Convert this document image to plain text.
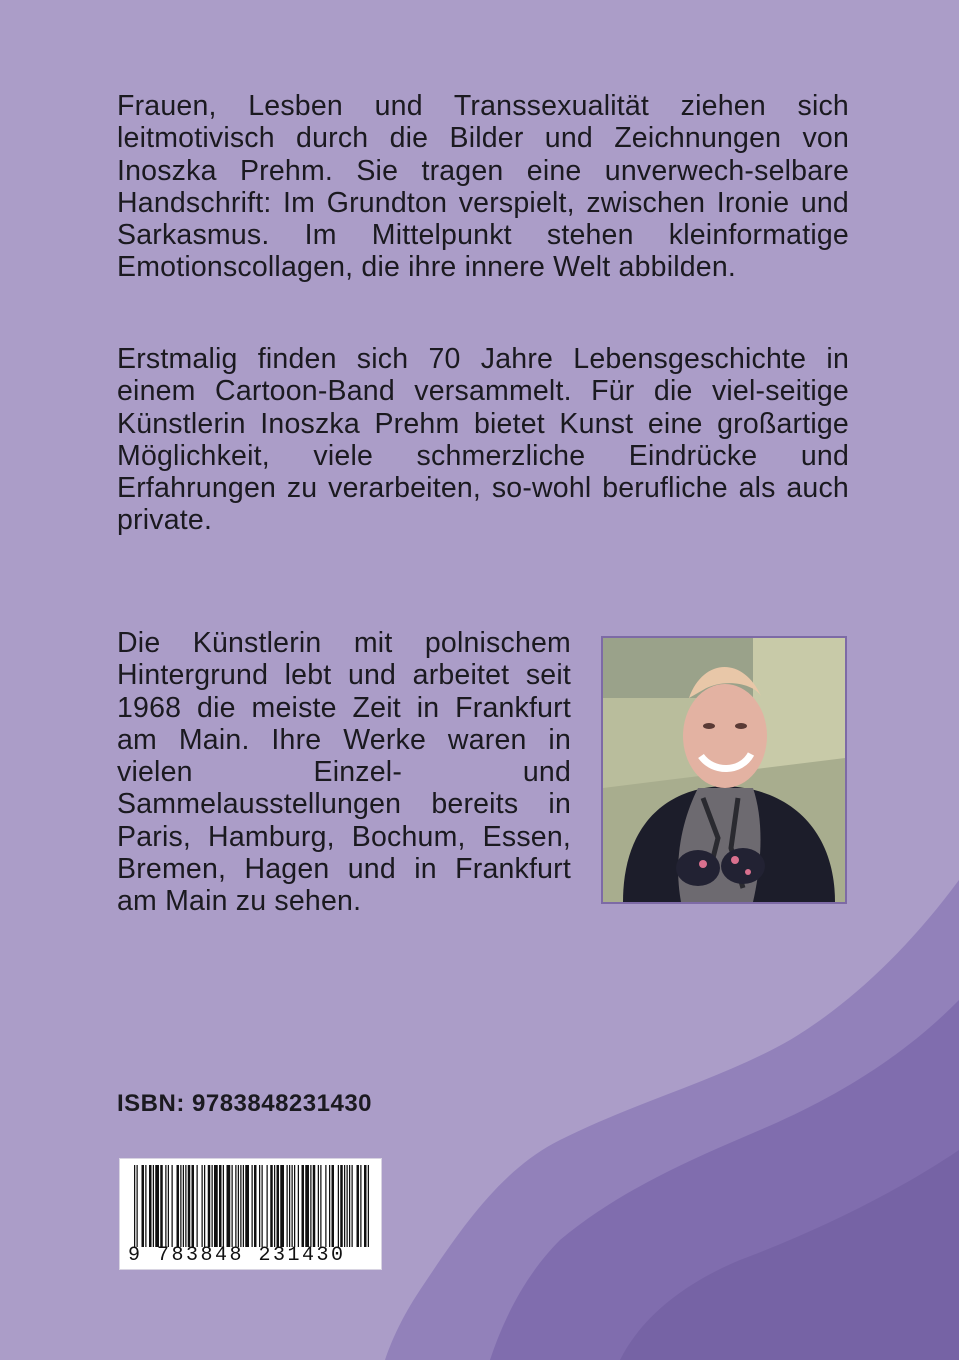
Frauen, Lesben und Transsexualität ziehen sich leitmotivisch durch die Bilder und Zeichnungen von Inoszka Prehm. Sie tragen eine unverwech-selbare Handschrift: Im Grundton verspielt, zwischen Ironie und Sarkasmus. Im Mittelpunkt stehen kleinformatige Emotionscollagen, die ihre innere Welt abbilden.
Erstmalig finden sich 70 Jahre Lebensgeschichte in einem Cartoon-Band versammelt. Für die viel-seitige Künstlerin Inoszka Prehm bietet Kunst eine großartige Möglichkeit, viele schmerzliche Eindrücke und Erfahrungen zu verarbeiten, so-wohl berufliche als auch private.
Die Künstlerin mit polnischem Hintergrund lebt und arbeitet seit 1968 die meiste Zeit in Frankfurt am Main. Ihre Werke waren in vielen Einzel- und Sammelausstellungen bereits in Paris, Hamburg, Bochum, Essen, Bremen, Hagen und in Frankfurt am Main zu sehen.
ISBN: 9783848231430
9 783848 231430
